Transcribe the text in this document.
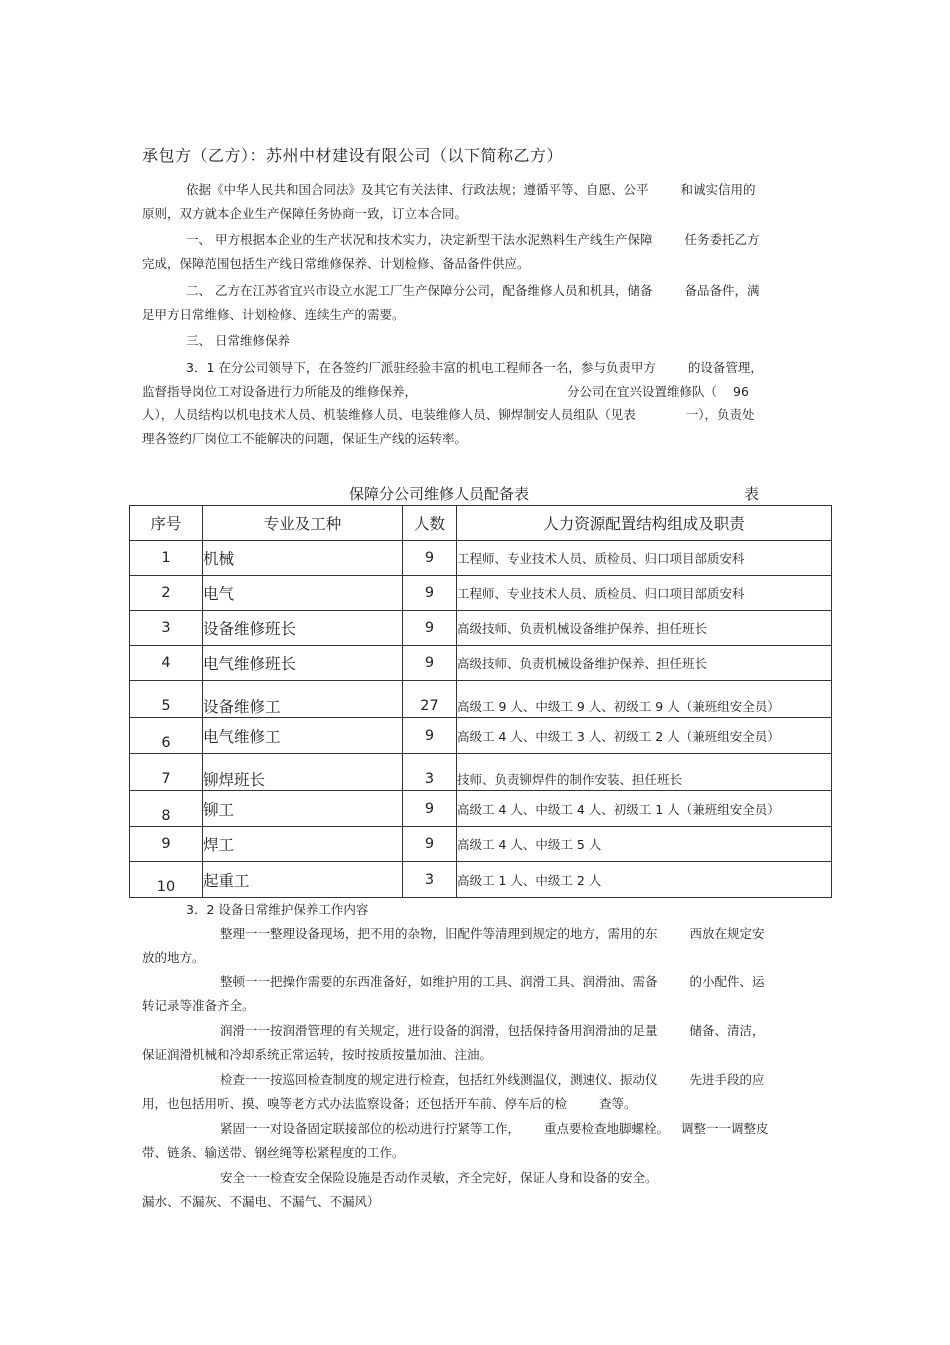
承包方（乙方）：苏州中材建设有限公司（以下简称乙方）
依据《中华人民共和国合同法》及其它有关法律、行政法规；遵循平等、自愿、公平	和诚实信用的
原则，双方就本企业生产保障任务协商一致，订立本合同。
一、 甲方根据本企业的生产状况和技术实力，决定新型干法水泥熟料生产线生产保障	任务委托乙方
完成，保障范围包括生产线日常维修保养、计划检修、备品备件供应。
二、 乙方在江苏省宜兴市设立水泥工厂生产保障分公司，配备维修人员和机具，储备	备品备件，满
足甲方日常维修、计划检修、连续生产的需要。
三、 日常维修保养
3．1 在分公司领导下，在各签约厂派驻经验丰富的机电工程师各一名，参与负责甲方	的设备管理，
监督指导岗位工对设备进行力所能及的维修保养，	分公司在宜兴设置维修队（ 96
人），人员结构以机电技术人员、机装维修人员、电装维修人员、铆焊制安人员组队（见表	一），负责处
理各签约厂岗位工不能解决的问题，保证生产线的运转率。
保障分公司维修人员配备表	表
序号	专业及工种	人数	人力资源配置结构组成及职责
1	机械	9	工程师、专业技术人员、质检员、归口项目部质安科
2	电气	9	工程师、专业技术人员、质检员、归口项目部质安科
3	设备维修班长	9	高级技师、负责机械设备维护保养、担任班长
4	电气维修班长	9	高级技师、负责机械设备维护保养、担任班长
5	设备维修工	27	高级工 9 人、中级工 9 人、初级工 9 人（兼班组安全员）
6	电气维修工	9	高级工 4 人、中级工 3 人、初级工 2 人（兼班组安全员）
7	铆焊班长	3	技师、负责铆焊件的制作安装、担任班长
8	铆工	9	高级工 4 人、中级工 4 人、初级工 1 人（兼班组安全员）
9	焊工	9	高级工 4 人、中级工 5 人
10	起重工	3	高级工 1 人、中级工 2 人
3．2 设备日常维护保养工作内容
整理一一整理设备现场，把不用的杂物，旧配件等清理到规定的地方，需用的东	西放在规定安
放的地方。
整顿一一把操作需要的东西准备好，如维护用的工具、润滑工具、润滑油、需备	的小配件、运
转记录等准备齐全。
润滑一一按润滑管理的有关规定，进行设备的润滑，包括保持备用润滑油的足量	储备、清洁，
保证润滑机械和冷却系统正常运转，按时按质按量加油、注油。
检查一一按巡回检查制度的规定进行检查，包括红外线测温仪，测速仪、振动仪	先进手段的应
用，也包括用听、摸、嗅等老方式办法监察设备；还包括开车前、停车后的检	查等。
紧固一一对设备固定联接部位的松动进行拧紧等工作， 重点要检查地脚螺栓。 调整一一调整皮
带、链条、输送带、钢丝绳等松紧程度的工作。
安全一一检查安全保险设施是否动作灵敏，齐全完好，保证人身和设备的安全。
漏水、不漏灰、不漏电、不漏气、不漏风）
